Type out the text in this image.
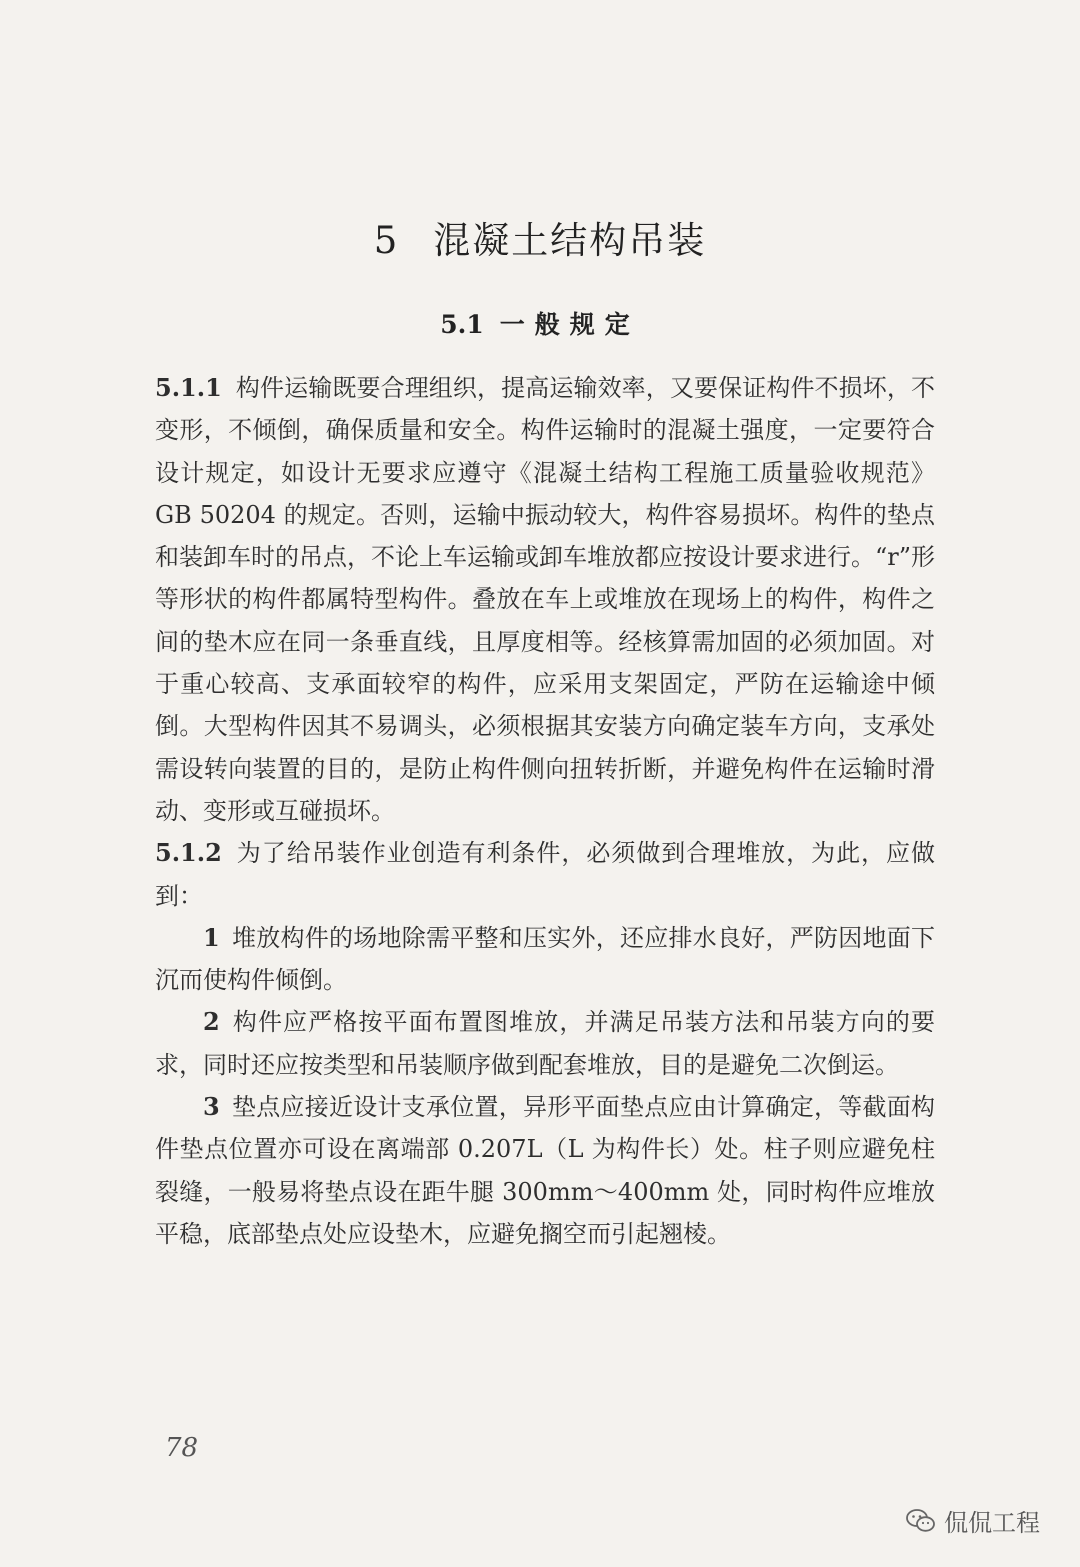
5 混凝土结构吊装
5.1 一般规定

5.1.1 构件运输既要合理组织，提高运输效率，又要保证构件不损坏，不变形，不倾倒，确保质量和安全。构件运输时的混凝土强度，一定要符合设计规定，如设计无要求应遵守《混凝土结构工程施工质量验收规范》GB 50204 的规定。否则，运输中振动较大，构件容易损坏。构件的垫点和装卸车时的吊点，不论上车运输或卸车堆放都应按设计要求进行。“r”形等形状的构件都属特型构件。叠放在车上或堆放在现场上的构件，构件之间的垫木应在同一条垂直线，且厚度相等。经核算需加固的必须加固。对于重心较高、支承面较窄的构件，应采用支架固定，严防在运输途中倾倒。大型构件因其不易调头，必须根据其安装方向确定装车方向，支承处需设转向装置的目的，是防止构件侧向扭转折断，并避免构件在运输时滑动、变形或互碰损坏。

5.1.2 为了给吊装作业创造有利条件，必须做到合理堆放，为此，应做到：

1 堆放构件的场地除需平整和压实外，还应排水良好，严防因地面下沉而使构件倾倒。

2 构件应严格按平面布置图堆放，并满足吊装方法和吊装方向的要求，同时还应按类型和吊装顺序做到配套堆放，目的是避免二次倒运。

3 垫点应接近设计支承位置，异形平面垫点应由计算确定，等截面构件垫点位置亦可设在离端部 0.207L（L 为构件长）处。柱子则应避免柱裂缝，一般易将垫点设在距牛腿 300mm～400mm 处，同时构件应堆放平稳，底部垫点处应设垫木，应避免搁空而引起翘棱。

78
侃侃工程
